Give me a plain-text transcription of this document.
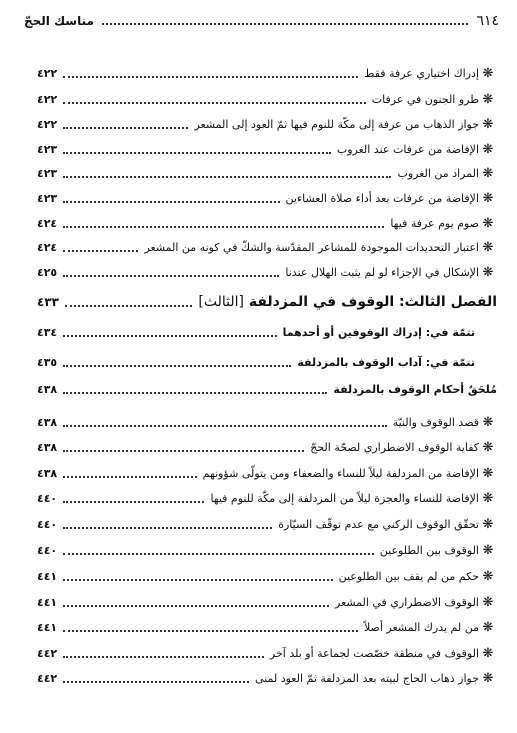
٦١٤
مناسك الحجّ
❋
إدراك اختياري عرفة فقط
٤٢٢
❋
طرو الجنون في عرفات
٤٢٢
❋
جواز الذهاب من عرفة إلى مكّة للنوم فيها ثمّ العود إلى المشعر
٤٢٢
❋
الإفاضة من عرفات عند الغروب
٤٢٣
❋
المراد من الغروب
٤٢٣
❋
الإفاضة من عرفات بعد أداء صلاة العشاءين
٤٢٣
❋
صوم يوم عرفة فيها
٤٢٤
❋
اعتبار التحديدات الموجودة للمشاعر المقدّسة والشكّ في كونه من المشعر
٤٢٤
❋
الإشكال في الإجزاء لو لم يثبت الهلال عندنا
٤٢٥
الفصل الثالث: الوقوف في المزدلفة

[الثالث]
٤٣٣
تتمّة في: إدراك الوقوفين أو أحدهما
٤٣٤
تتمّة في: آداب الوقوف بالمزدلفة
٤٣٥
مُلحَقٌ أحكام الوقوف بالمزدلفة
٤٣٨
❋
قصد الوقوف والنيّة
٤٣٨
❋
كفاية الوقوف الاضطراري لصحّة الحجّ
٤٣٨
❋
الإفاضة من المزدلفة ليلاً للنساء والضعفاء ومن يتولّى شؤونهم
٤٣٨
❋
الإفاضة للنساء والعجزة ليلاً من المزدلفة إلى مكّة للنوم فيها
٤٤٠
❋
تحقّق الوقوف الركني مع عدم توقّف السيّارة
٤٤٠
❋
الوقوف بين الطلوعين
٤٤٠
❋
حكم من لم يقف بين الطلوعين
٤٤١
❋
الوقوف الاضطراري في المشعر
٤٤١
❋
من لم يدرك المشعر أصلاً
٤٤١
❋
الوقوف في منطقة خصّصت لجماعة أو بلد آخر
٤٤٢
❋
جواز ذهاب الحاج لبيته بعد المزدلفة ثمّ العود لمنى
٤٤٢
